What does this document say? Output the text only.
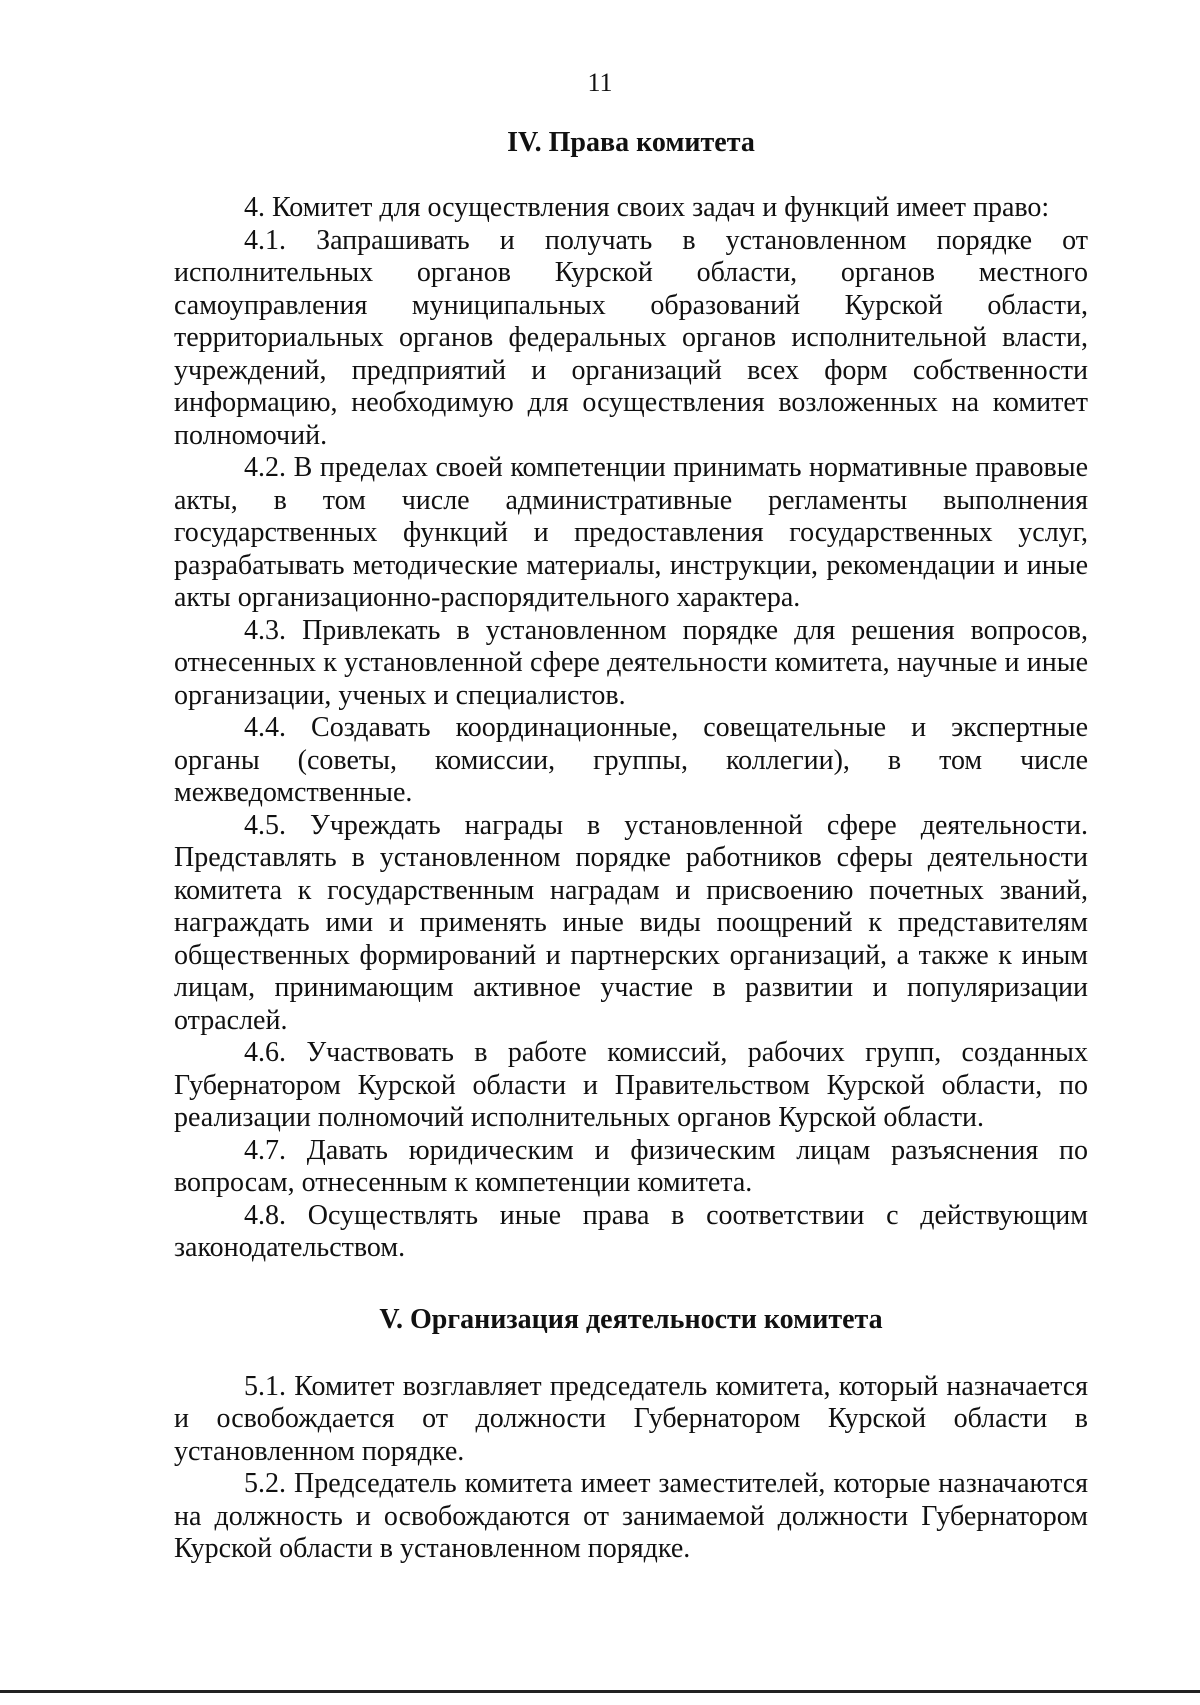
11
IV. Права комитета

4. Комитет для осуществления своих задач и функций имеет право:

4.1. Запрашивать и получать в установленном порядке от исполнительных органов Курской области, органов местного самоуправления муниципальных образований Курской области, территориальных органов федеральных органов исполнительной власти, учреждений, предприятий и организаций всех форм собственности информацию, необходимую для осуществления возложенных на комитет полномочий.

4.2. В пределах своей компетенции принимать нормативные правовые акты, в том числе административные регламенты выполнения государственных функций и предоставления государственных услуг, разрабатывать методические материалы, инструкции, рекомендации и иные акты организационно-распорядительного характера.

4.3. Привлекать в установленном порядке для решения вопросов, отнесенных к установленной сфере деятельности комитета, научные и иные организации, ученых и специалистов.

4.4. Создавать координационные, совещательные и экспертные органы (советы, комиссии, группы, коллегии), в том числе межведомственные.

4.5. Учреждать награды в установленной сфере деятельности. Представлять в установленном порядке работников сферы деятельности комитета к государственным наградам и присвоению почетных званий, награждать ими и применять иные виды поощрений к представителям общественных формирований и партнерских организаций, а также к иным лицам, принимающим активное участие в развитии и популяризации отраслей.

4.6. Участвовать в работе комиссий, рабочих групп, созданных Губернатором Курской области и Правительством Курской области, по реализации полномочий исполнительных органов Курской области.

4.7. Давать юридическим и физическим лицам разъяснения по вопросам, отнесенным к компетенции комитета.

4.8. Осуществлять иные права в соответствии с действующим законодательством.

V. Организация деятельности комитета

5.1. Комитет возглавляет председатель комитета, который назначается и освобождается от должности Губернатором Курской области в установленном порядке.

5.2. Председатель комитета имеет заместителей, которые назначаются на должность и освобождаются от занимаемой должности Губернатором Курской области в установленном порядке.
